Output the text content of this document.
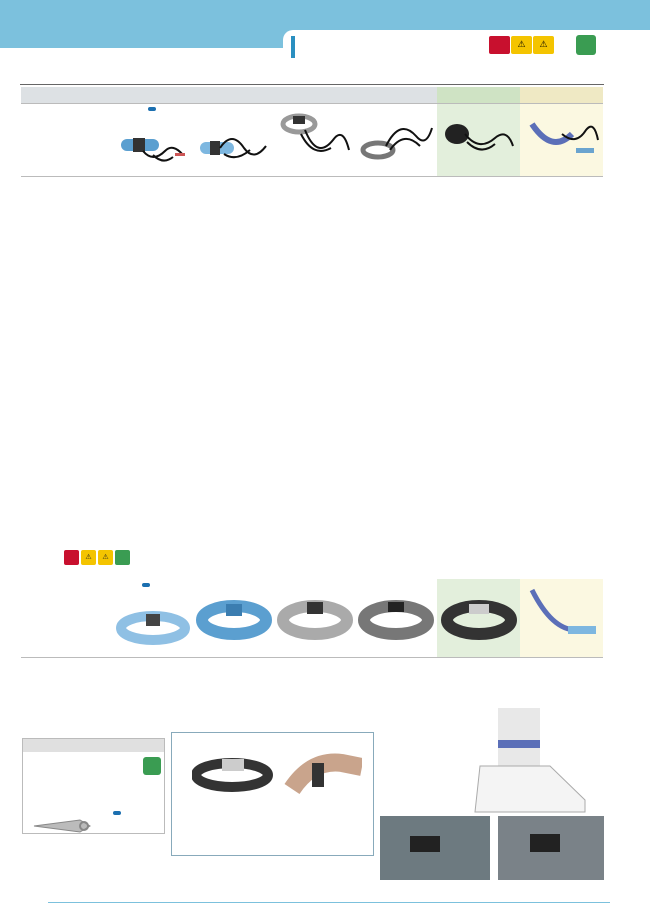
⚠	⚠

⚠	⚠
